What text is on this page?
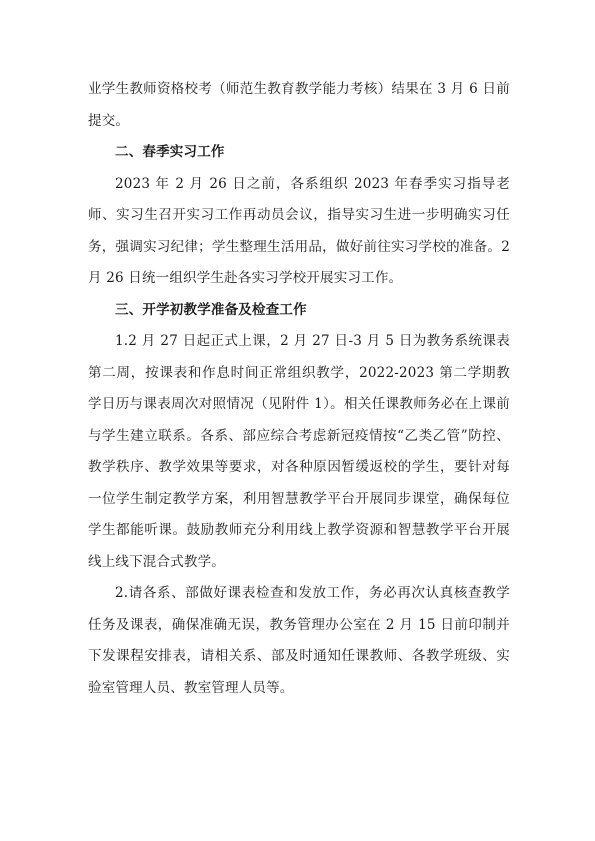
业学生教师资格校考（师范生教育教学能力考核）结果在 3 月 6 日前提交。

二、春季实习工作

2023 年 2 月 26 日之前，各系组织 2023 年春季实习指导老师、实习生召开实习工作再动员会议，指导实习生进一步明确实习任务，强调实习纪律；学生整理生活用品，做好前往实习学校的准备。2 月 26 日统一组织学生赴各实习学校开展实习工作。

三、开学初教学准备及检查工作

1.2 月 27 日起正式上课，2 月 27 日-3 月 5 日为教务系统课表第二周，按课表和作息时间正常组织教学，2022-2023 第二学期教学日历与课表周次对照情况（见附件 1）。相关任课教师务必在上课前与学生建立联系。各系、部应综合考虑新冠疫情按“乙类乙管”防控、教学秩序、教学效果等要求，对各种原因暂缓返校的学生，要针对每一位学生制定教学方案，利用智慧教学平台开展同步课堂，确保每位学生都能听课。鼓励教师充分利用线上教学资源和智慧教学平台开展线上线下混合式教学。

2.请各系、部做好课表检查和发放工作，务必再次认真核查教学任务及课表，确保准确无误，教务管理办公室在 2 月 15 日前印制并下发课程安排表，请相关系、部及时通知任课教师、各教学班级、实验室管理人员、教室管理人员等。
